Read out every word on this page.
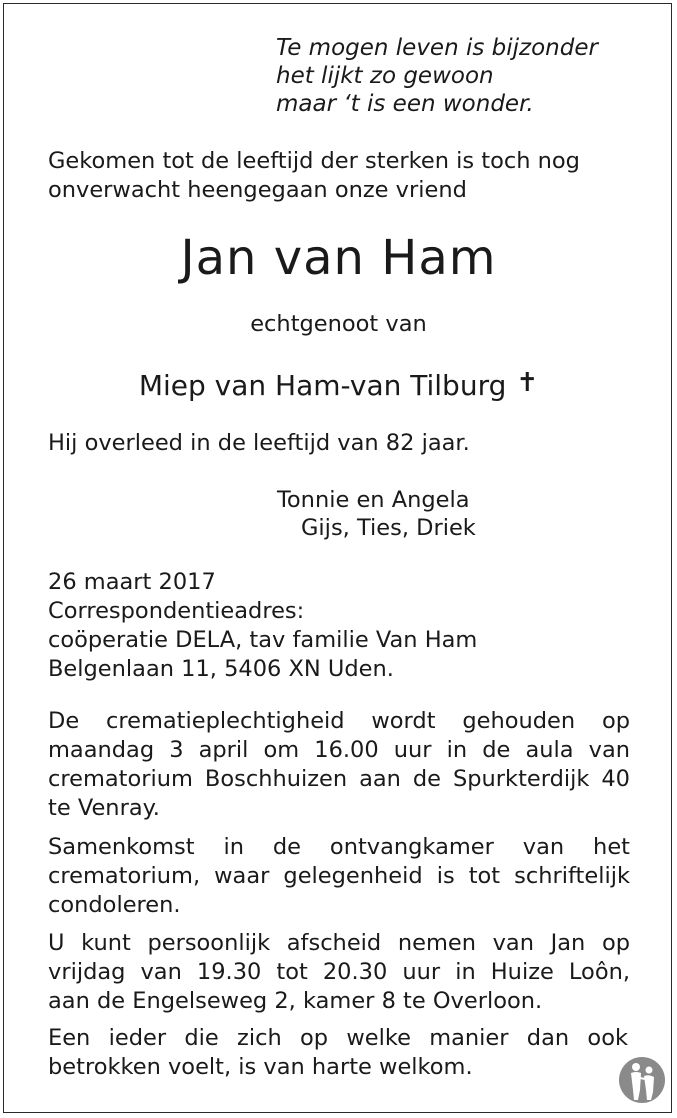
Te mogen leven is bijzonder
het lijkt zo gewoon
maar ‘t is een wonder.
Gekomen tot de leeftijd der sterken is toch nog
onverwacht heengegaan onze vriend
Jan van Ham
echtgenoot van
Miep van Ham-van Tilburg ✝
Hij overleed in de leeftijd van 82 jaar.
Tonnie en Angela
Gijs, Ties, Driek
26 maart 2017
Correspondentieadres:
coöperatie DELA, tav familie Van Ham
Belgenlaan 11, 5406 XN Uden.
De crematieplechtigheid wordt gehouden op
maandag 3 april om 16.00 uur in de aula van
crematorium Boschhuizen aan de Spurkterdijk 40
te Venray.
Samenkomst in de ontvangkamer van het
crematorium, waar gelegenheid is tot schriftelijk
condoleren.
U kunt persoonlijk afscheid nemen van Jan op
vrijdag van 19.30 tot 20.30 uur in Huize Loôn,
aan de Engelseweg 2, kamer 8 te Overloon.
Een ieder die zich op welke manier dan ook
betrokken voelt, is van harte welkom.
